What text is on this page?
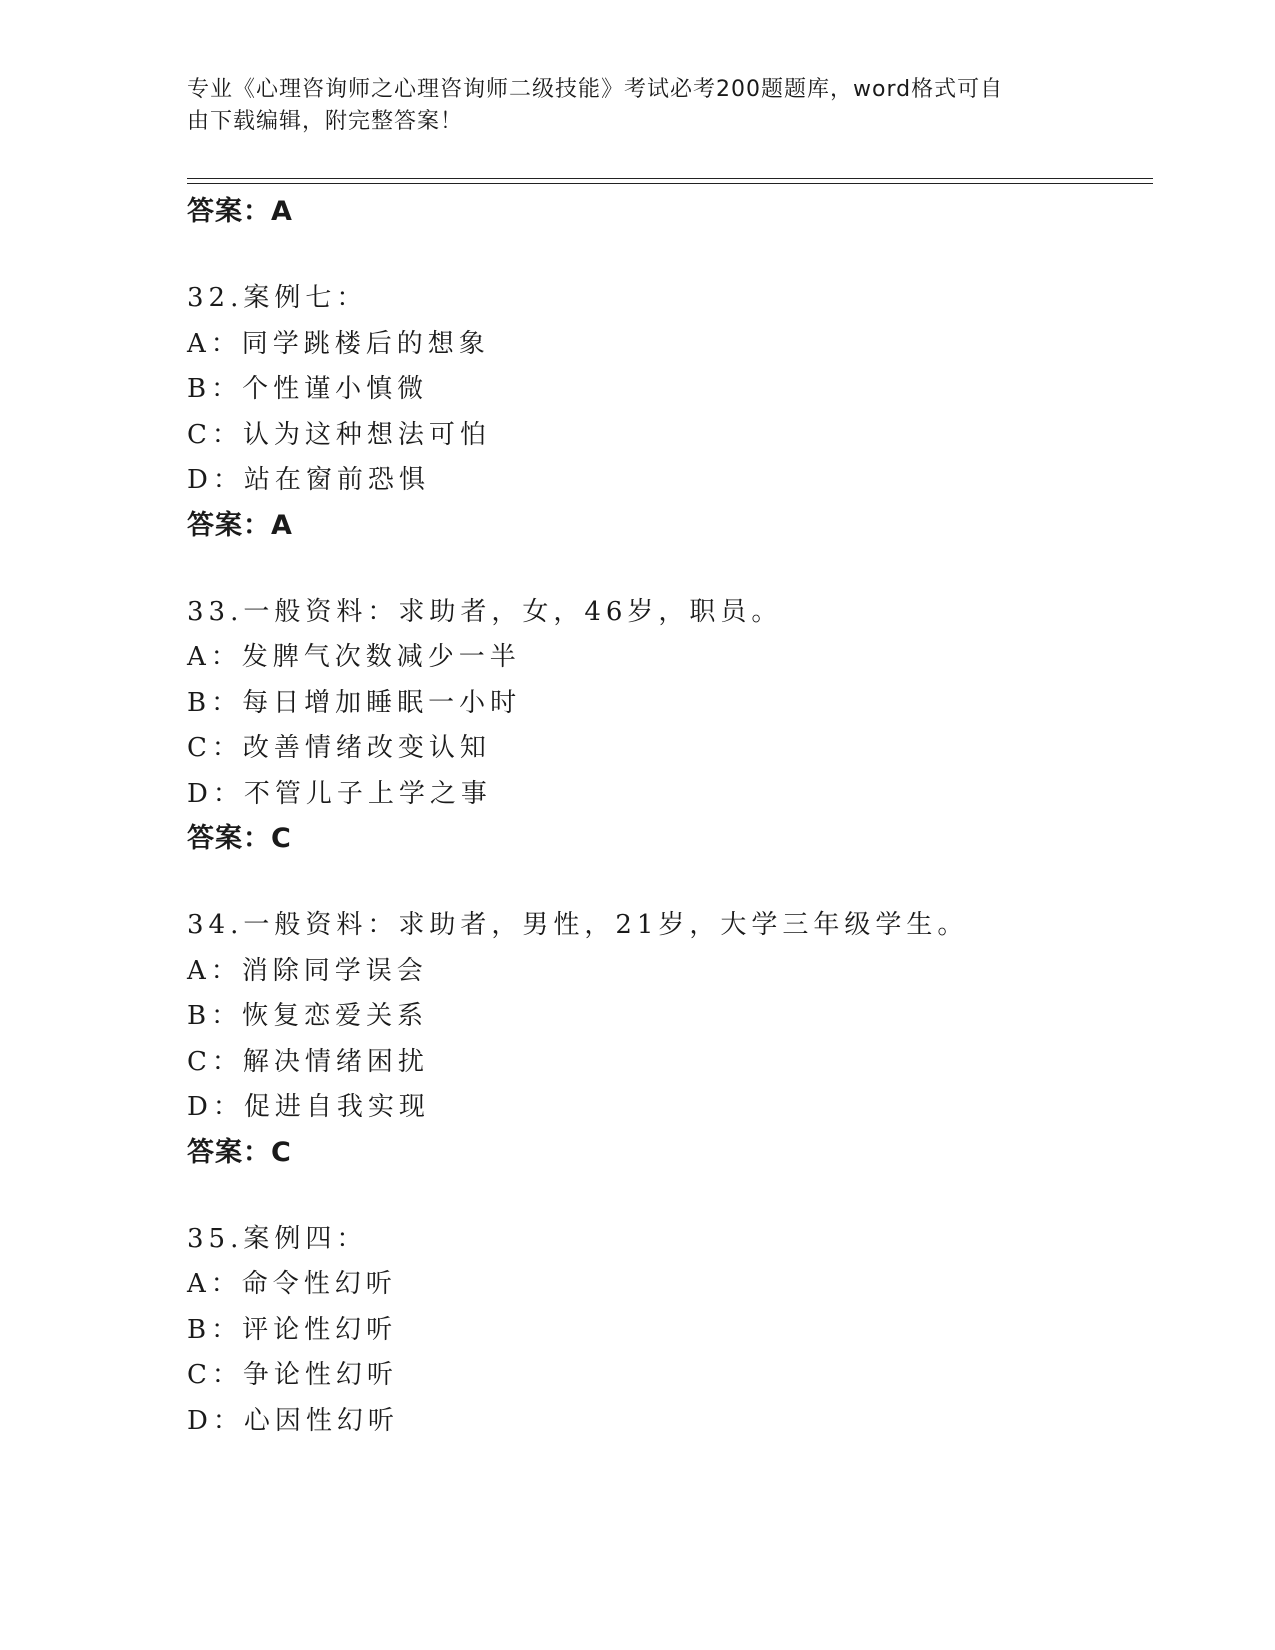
专业《心理咨询师之心理咨询师二级技能》考试必考200题题库，word格式可自
由下载编辑，附完整答案！
答案：A
32.案例七：
A：同学跳楼后的想象
B：个性谨小慎微
C：认为这种想法可怕
D：站在窗前恐惧
答案：A
33.一般资料：求助者，女，46岁，职员。
A：发脾气次数减少一半
B：每日增加睡眠一小时
C：改善情绪改变认知
D：不管儿子上学之事
答案：C
34.一般资料：求助者，男性，21岁，大学三年级学生。
A：消除同学误会
B：恢复恋爱关系
C：解决情绪困扰
D：促进自我实现
答案：C
35.案例四：
A：命令性幻听
B：评论性幻听
C：争论性幻听
D：心因性幻听
